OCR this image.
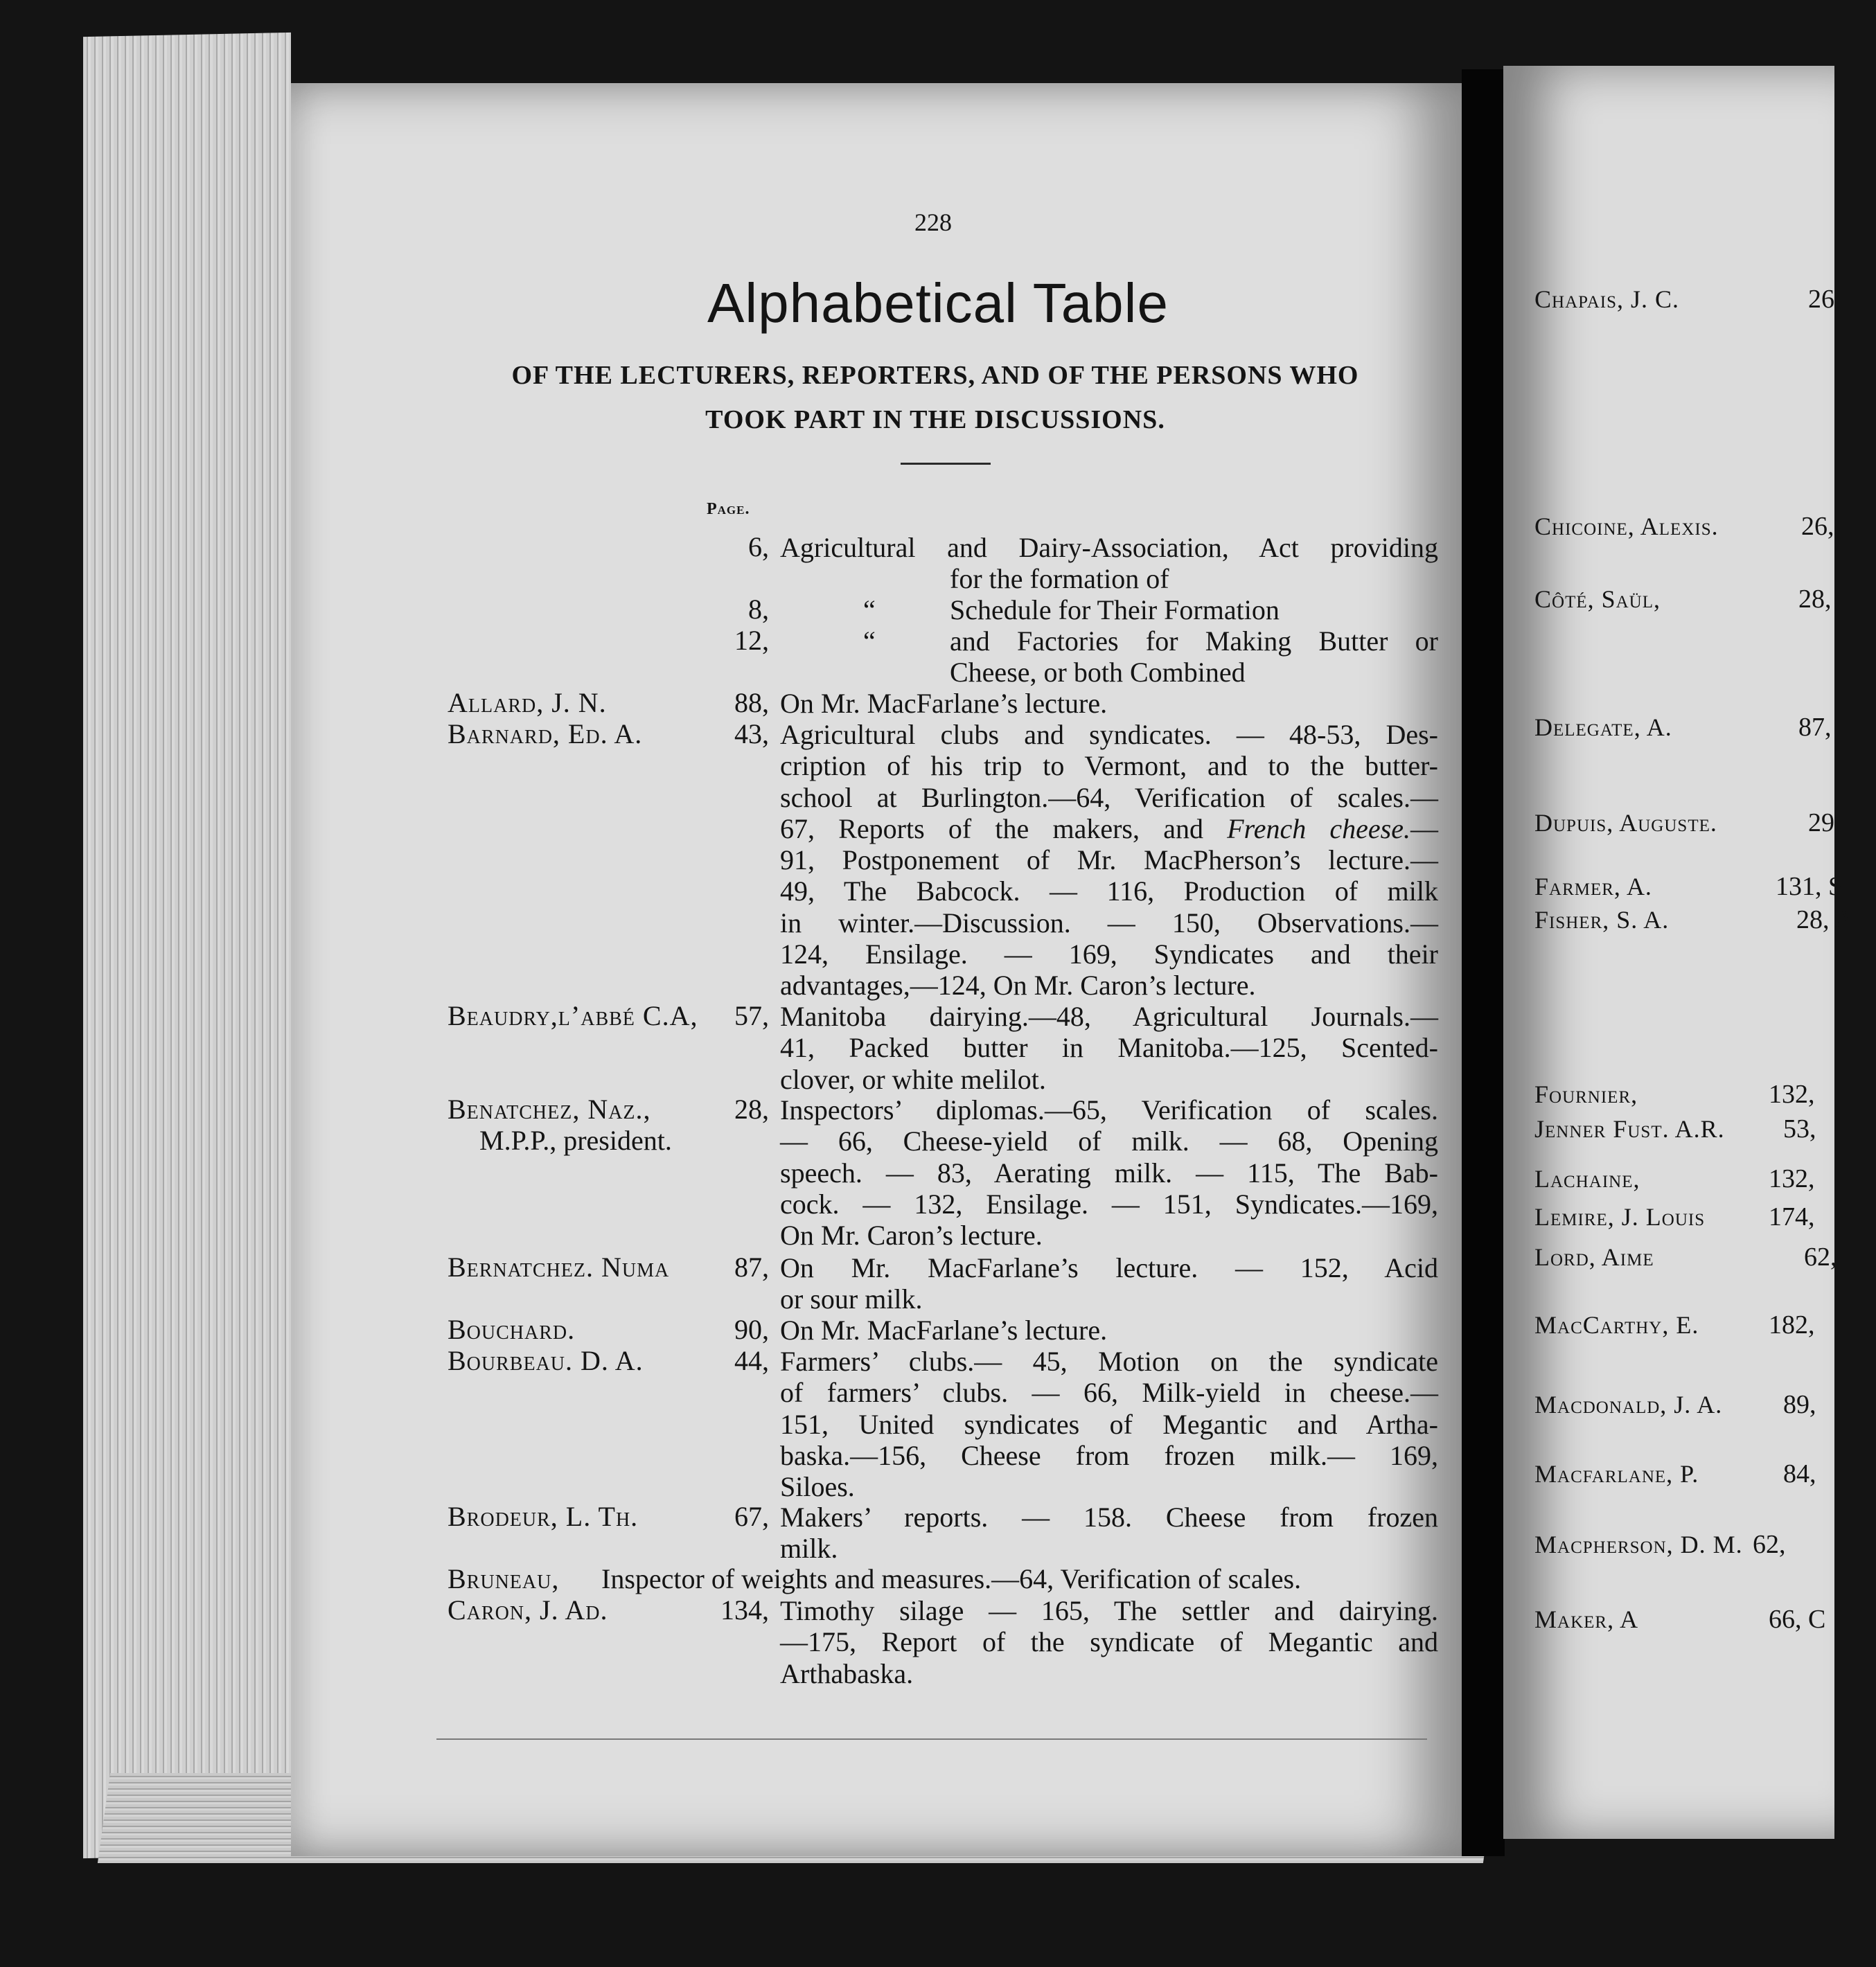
228
Alphabetical Table
OF THE LECTURERS, REPORTERS, AND OF THE PERSONS WHO
TOOK PART IN THE DISCUSSIONS.
Page.
6, Agricultural and Dairy-Association, Act providing
for the formation of
8,	“	Schedule for Their Formation
12,	“	and Factories for Making Butter or
Cheese, or both Combined
Allard, J. N.	88, On Mr. MacFarlane’s lecture.
Barnard, Ed. A.	43, Agricultural clubs and syndicates. — 48-53, Des-
cription of his trip to Vermont, and to the butter-
school at Burlington.—64, Verification of scales.—
67, Reports of the makers, and French cheese.—
91, Postponement of Mr. MacPherson’s lecture.—
49, The Babcock. — 116, Production of milk
in winter.—Discussion. — 150, Observations.—
124, Ensilage. — 169, Syndicates and their
advantages,—124, On Mr. Caron’s lecture.
Beaudry,l’abbé C.A,	57, Manitoba dairying.—48, Agricultural Journals.—
41, Packed butter in Manitoba.—125, Scented-
clover, or white melilot.
Benatchez, Naz.,
M.P.P., president.
28, Inspectors’ diplomas.—65, Verification of scales.
— 66, Cheese-yield of milk. — 68, Opening
speech. — 83, Aerating milk. — 115, The Bab-
cock. — 132, Ensilage. — 151, Syndicates.—169,
On Mr. Caron’s lecture.
Bernatchez. Numa	87, On Mr. MacFarlane’s lecture. — 152, Acid
or sour milk.
Bouchard.	90, On Mr. MacFarlane’s lecture.
Bourbeau. D. A.	44, Farmers’ clubs.— 45, Motion on the syndicate
of farmers’ clubs. — 66, Milk-yield in cheese.—
151, United syndicates of Megantic and Artha-
baska.—156, Cheese from frozen milk.— 169,
Siloes.
Brodeur, L. Th.	67, Makers’ reports. — 158. Cheese from frozen
milk.
Bruneau, Inspector of weights and measures.—64, Verification of scales.
Caron, J. Ad.	134, Timothy silage — 165, The settler and dairying.
—175, Report of the syndicate of Megantic and
Arthabaska.
Chapais, J. C.	26
Chicoine, Alexis.	26,
Côté, Saül,	28,
Delegate, A.	87,
Dupuis, Auguste.	29
Farmer, A.	131, S
Fisher, S. A.	28, A
Fournier,	132,
Jenner Fust. A.R. 53,
Lachaine,	132,
Lemire, J. Louis 174,
Lord, Aime	62,
MacCarthy, E.	182,
Macdonald, J. A. 89,
Macfarlane, P.	84,
Macpherson, D. M. 62,
Maker, A	66, C
